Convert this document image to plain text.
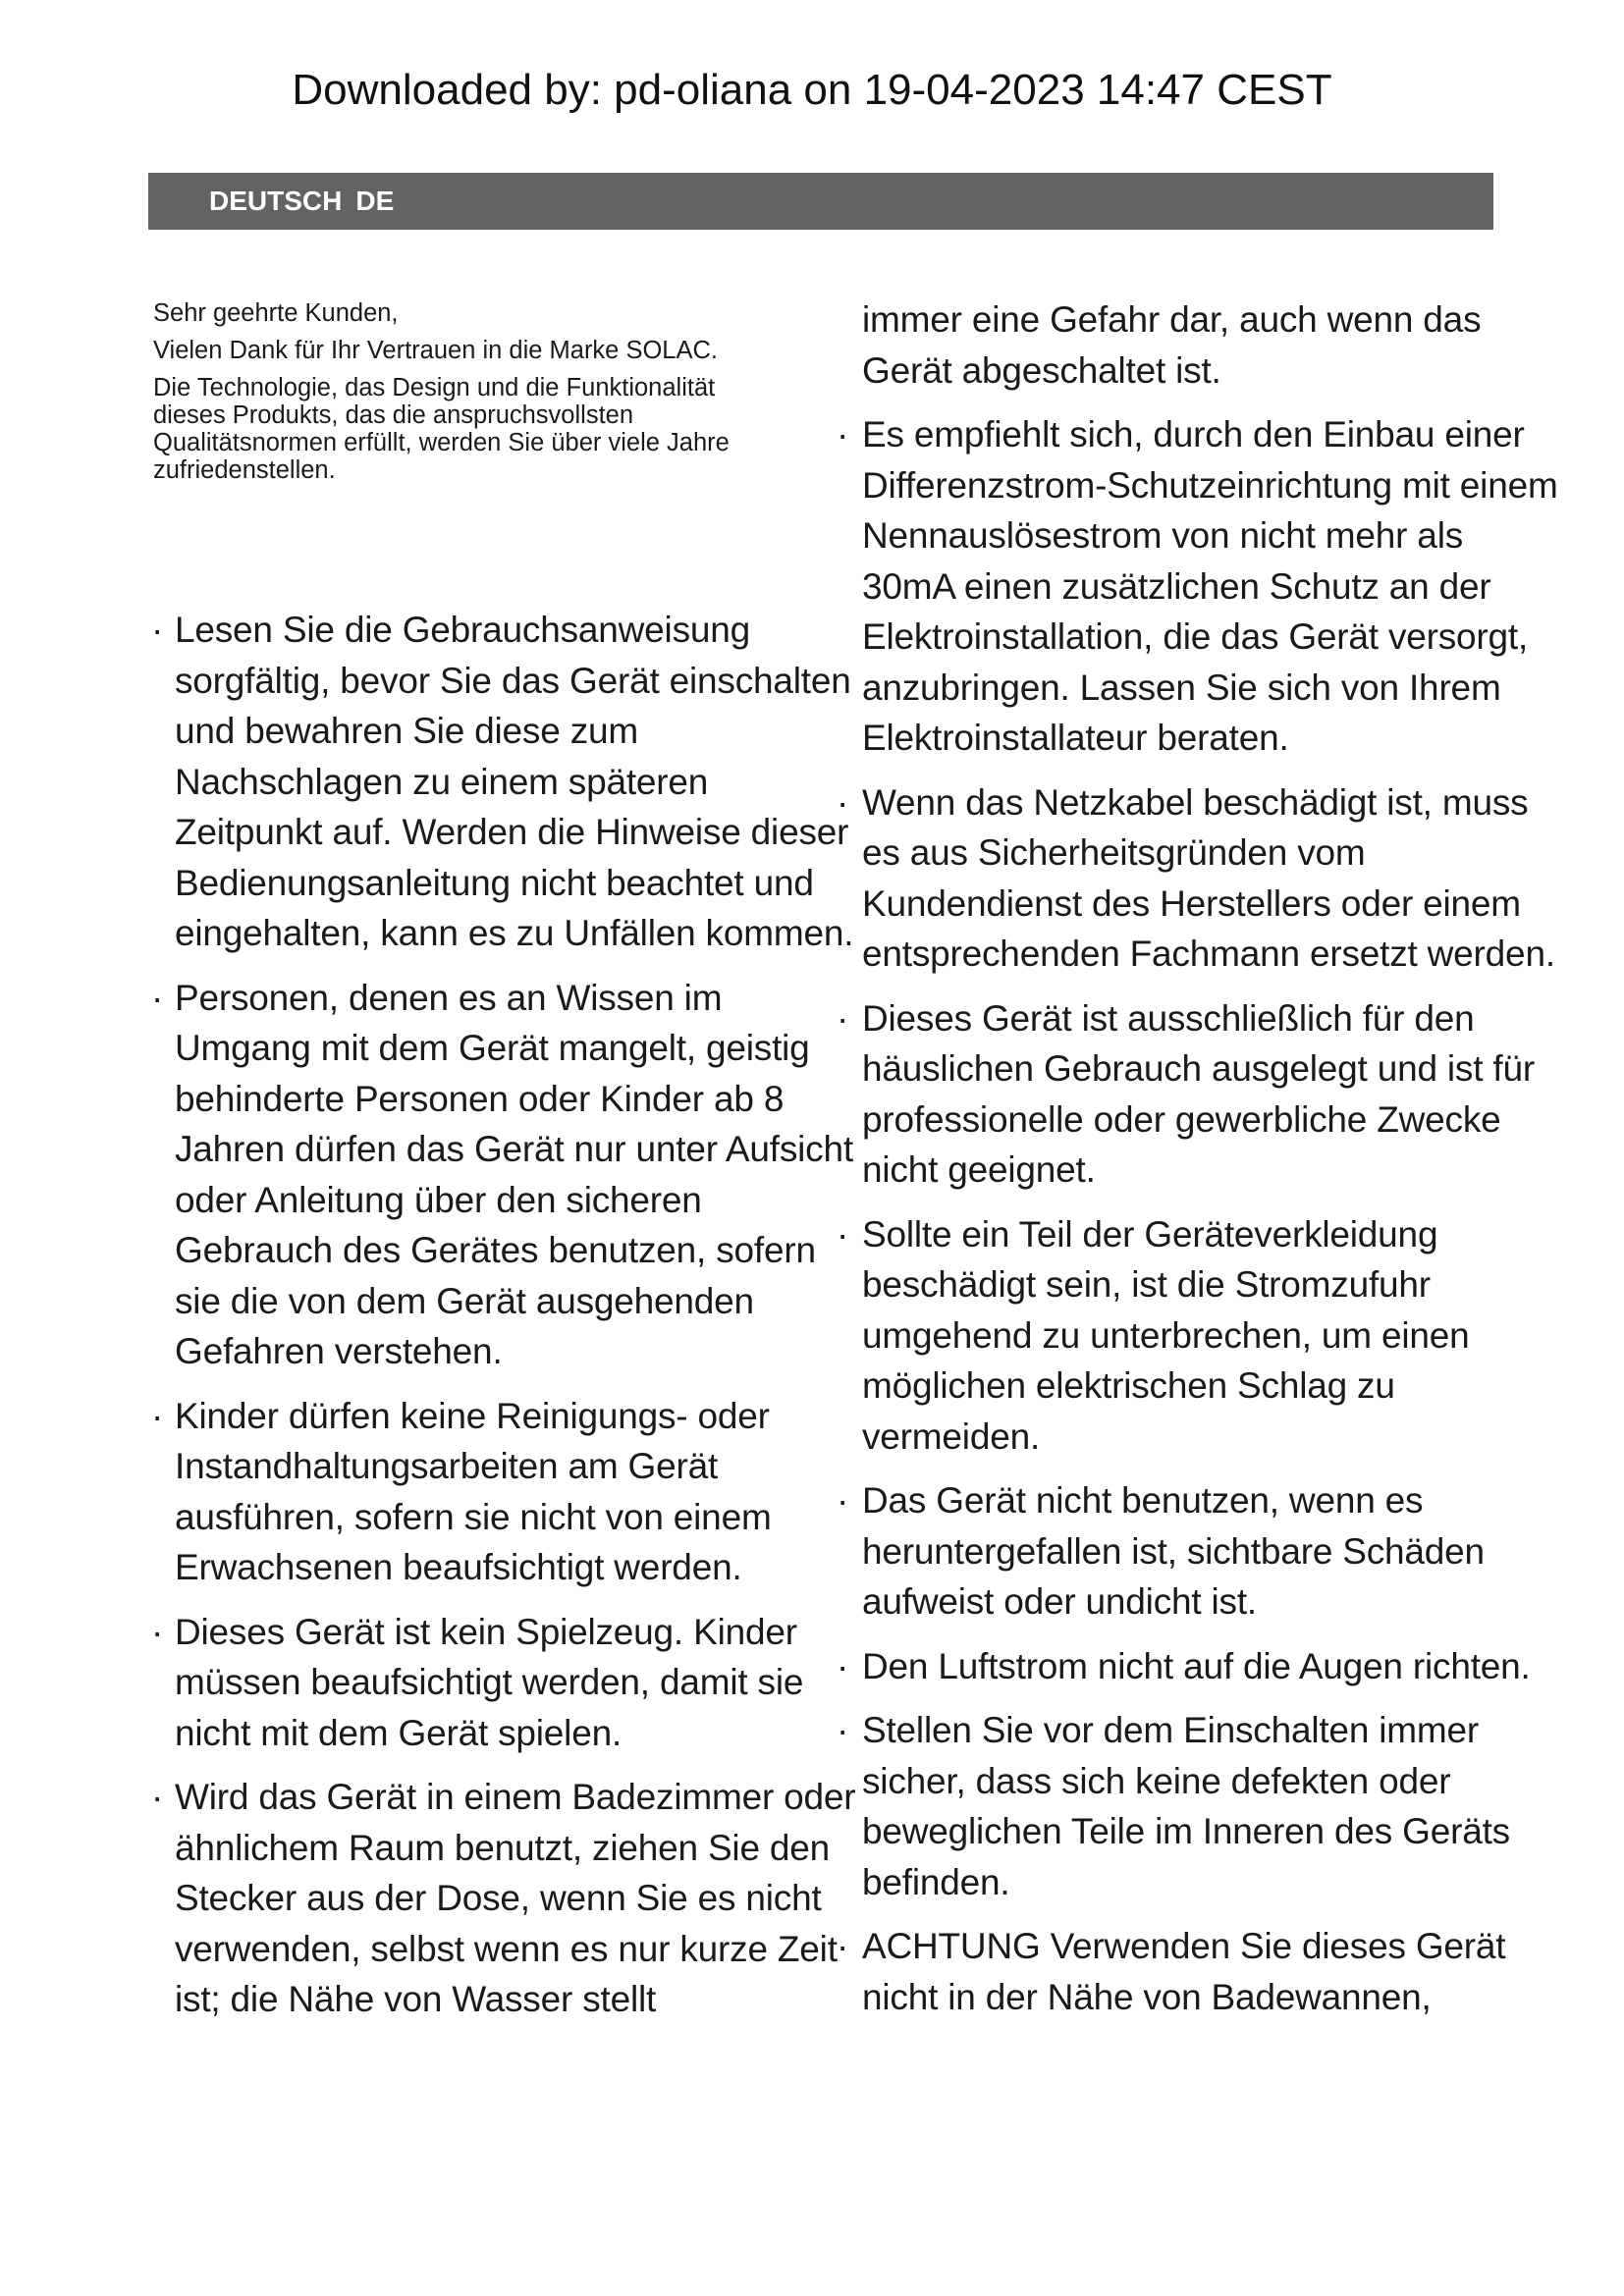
Downloaded by: pd-oliana on 19-04-2023 14:47 CEST
DEUTSCH DE

Sehr geehrte Kunden,

Vielen Dank für Ihr Vertrauen in die Marke SOLAC.

Die Technologie, das Design und die Funktionalität dieses Produkts, das die anspruchsvollsten Qualitätsnormen erfüllt, werden Sie über viele Jahre zufriedenstellen.

· Lesen Sie die Gebrauchsanweisung sorgfältig, bevor Sie das Gerät einschalten und bewahren Sie diese zum Nachschlagen zu einem späteren Zeitpunkt auf. Werden die Hinweise dieser Bedienungsanleitung nicht beachtet und eingehalten, kann es zu Unfällen kommen.
· Personen, denen es an Wissen im Umgang mit dem Gerät mangelt, geistig behinderte Personen oder Kinder ab 8 Jahren dürfen das Gerät nur unter Aufsicht oder Anleitung über den sicheren Gebrauch des Gerätes benutzen, sofern sie die von dem Gerät ausgehenden Gefahren verstehen.
· Kinder dürfen keine Reinigungs- oder Instandhaltungsarbeiten am Gerät ausführen, sofern sie nicht von einem Erwachsenen beaufsichtigt werden.
· Dieses Gerät ist kein Spielzeug. Kinder müssen beaufsichtigt werden, damit sie nicht mit dem Gerät spielen.
· Wird das Gerät in einem Badezimmer oder ähnlichem Raum benutzt, ziehen Sie den Stecker aus der Dose, wenn Sie es nicht verwenden, selbst wenn es nur kurze Zeit ist; die Nähe von Wasser stellt
immer eine Gefahr dar, auch wenn das Gerät abgeschaltet ist.
· Es empfiehlt sich, durch den Einbau einer Differenzstrom-Schutzeinrichtung mit einem Nennauslösestrom von nicht mehr als 30mA einen zusätzlichen Schutz an der Elektroinstallation, die das Gerät versorgt, anzubringen. Lassen Sie sich von Ihrem Elektroinstallateur beraten.
· Wenn das Netzkabel beschädigt ist, muss es aus Sicherheitsgründen vom Kundendienst des Herstellers oder einem entsprechenden Fachmann ersetzt werden.
· Dieses Gerät ist ausschließlich für den häuslichen Gebrauch ausgelegt und ist für professionelle oder gewerbliche Zwecke nicht geeignet.
· Sollte ein Teil der Geräteverkleidung beschädigt sein, ist die Stromzufuhr umgehend zu unterbrechen, um einen möglichen elektrischen Schlag zu vermeiden.
· Das Gerät nicht benutzen, wenn es heruntergefallen ist, sichtbare Schäden aufweist oder undicht ist.
· Den Luftstrom nicht auf die Augen richten.
· Stellen Sie vor dem Einschalten immer sicher, dass sich keine defekten oder beweglichen Teile im Inneren des Geräts befinden.
· ACHTUNG Verwenden Sie dieses Gerät nicht in der Nähe von Badewannen,
